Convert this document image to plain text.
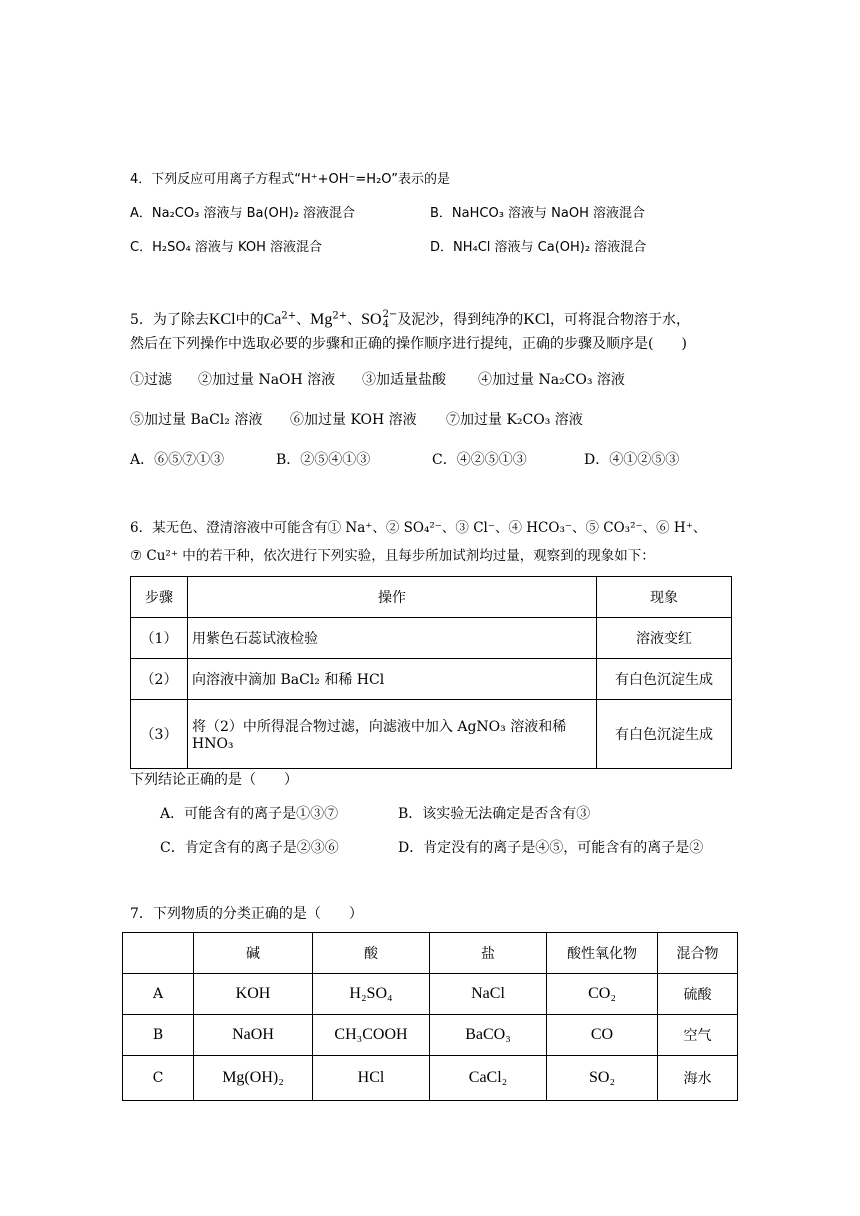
4．下列反应可用离子方程式“H⁺+OH⁻=H₂O”表示的是
A．Na₂CO₃ 溶液与 Ba(OH)₂ 溶液混合	B．NaHCO₃ 溶液与 NaOH 溶液混合
C．H₂SO₄ 溶液与 KOH 溶液混合	D．NH₄Cl 溶液与 Ca(OH)₂ 溶液混合
5．为了除去KCl中的$Ca^{2+}$、$Mg^{2+}$、SO 2−
4 及泥沙，得到纯净的KCl，可将混合物溶于水，
然后在下列操作中选取必要的步骤和正确的操作顺序进行提纯，正确的步骤及顺序是(　　)
①过滤 ②加过量 NaOH 溶液 ③加适量盐酸 ④加过量 Na₂CO₃ 溶液
⑤加过量 BaCl₂ 溶液 ⑥加过量 KOH 溶液 ⑦加过量 K₂CO₃ 溶液
A．⑥⑤⑦①③	B．②⑤④①③	C．④②⑤①③	D．④①②⑤③
6．某无色、澄清溶液中可能含有① Na⁺、② SO₄²⁻、③ Cl⁻、④ HCO₃⁻、⑤ CO₃²⁻、⑥ H⁺、
⑦ Cu²⁺ 中的若干种，依次进行下列实验，且每步所加试剂均过量，观察到的现象如下：
步骤	操作	现象
（1）	用紫色石蕊试液检验	溶液变红
（2）	向溶液中滴加 BaCl₂ 和稀 HCl	有白色沉淀生成
（3）	将（2）中所得混合物过滤，向滤液中加入 AgNO₃ 溶液和稀
HNO₃	有白色沉淀生成
下列结论正确的是（　　）
A．可能含有的离子是①③⑦	B．该实验无法确定是否含有③
C．肯定含有的离子是②③⑥	D．肯定没有的离子是④⑤，可能含有的离子是②
7．下列物质的分类正确的是（　　）
	碱	酸	盐	酸性氧化物	混合物
A	KOH	H₂SO₄	NaCl	CO₂	硫酸
B	NaOH	CH₃COOH	BaCO₃	CO	空气
C	Mg(OH)₂	HCl	CaCl₂	SO₂	海水
